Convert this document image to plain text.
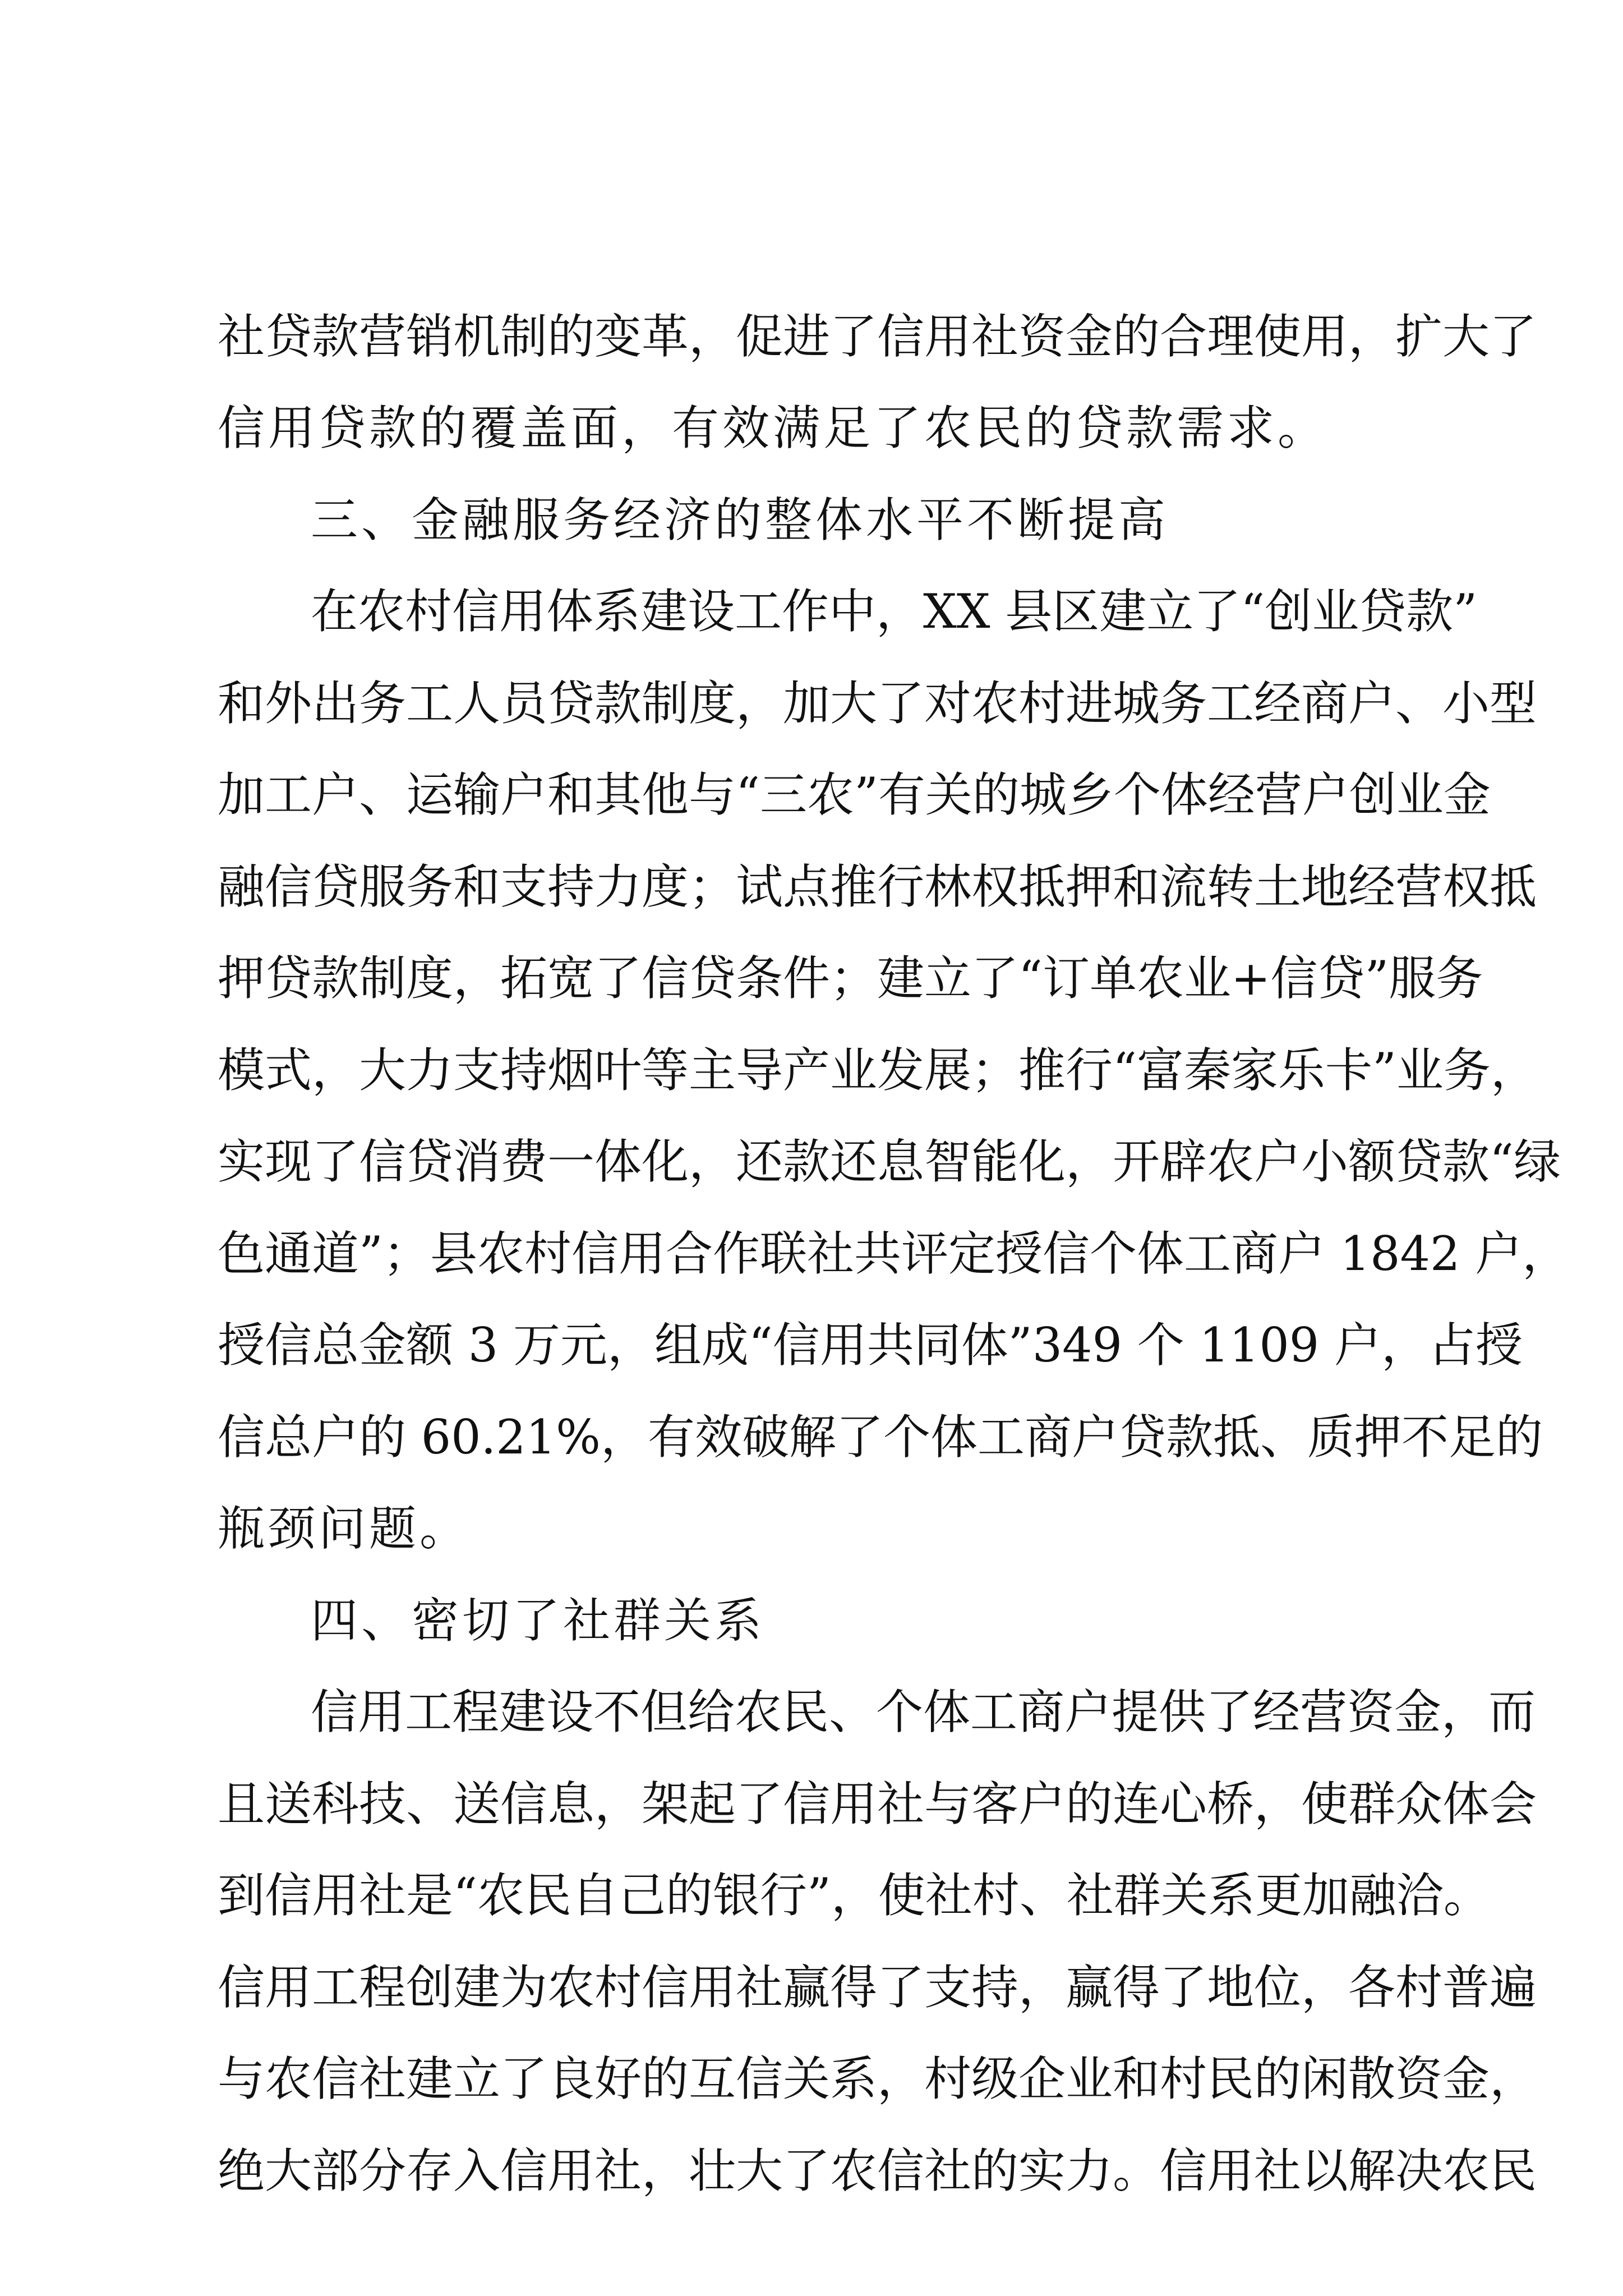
社贷款营销机制的变革，促进了信用社资金的合理使用，扩大了

信用贷款的覆盖面，有效满足了农民的贷款需求。

三、金融服务经济的整体水平不断提高

在农村信用体系建设工作中，XX 县区建立了“创业贷款”

和外出务工人员贷款制度，加大了对农村进城务工经商户、小型

加工户、运输户和其他与“三农”有关的城乡个体经营户创业金

融信贷服务和支持力度；试点推行林权抵押和流转土地经营权抵

押贷款制度，拓宽了信贷条件；建立了“订单农业+信贷”服务

模式，大力支持烟叶等主导产业发展；推行“富秦家乐卡”业务，

实现了信贷消费一体化，还款还息智能化，开辟农户小额贷款“绿

色通道”；县农村信用合作联社共评定授信个体工商户 1842 户，

授信总金额 3 万元，组成“信用共同体”349 个 1109 户，占授

信总户的 60.21%，有效破解了个体工商户贷款抵、质押不足的

瓶颈问题。

四、密切了社群关系

信用工程建设不但给农民、个体工商户提供了经营资金，而

且送科技、送信息，架起了信用社与客户的连心桥，使群众体会

到信用社是“农民自己的银行”，使社村、社群关系更加融洽。

信用工程创建为农村信用社赢得了支持，赢得了地位，各村普遍

与农信社建立了良好的互信关系，村级企业和村民的闲散资金，

绝大部分存入信用社，壮大了农信社的实力。信用社以解决农民
